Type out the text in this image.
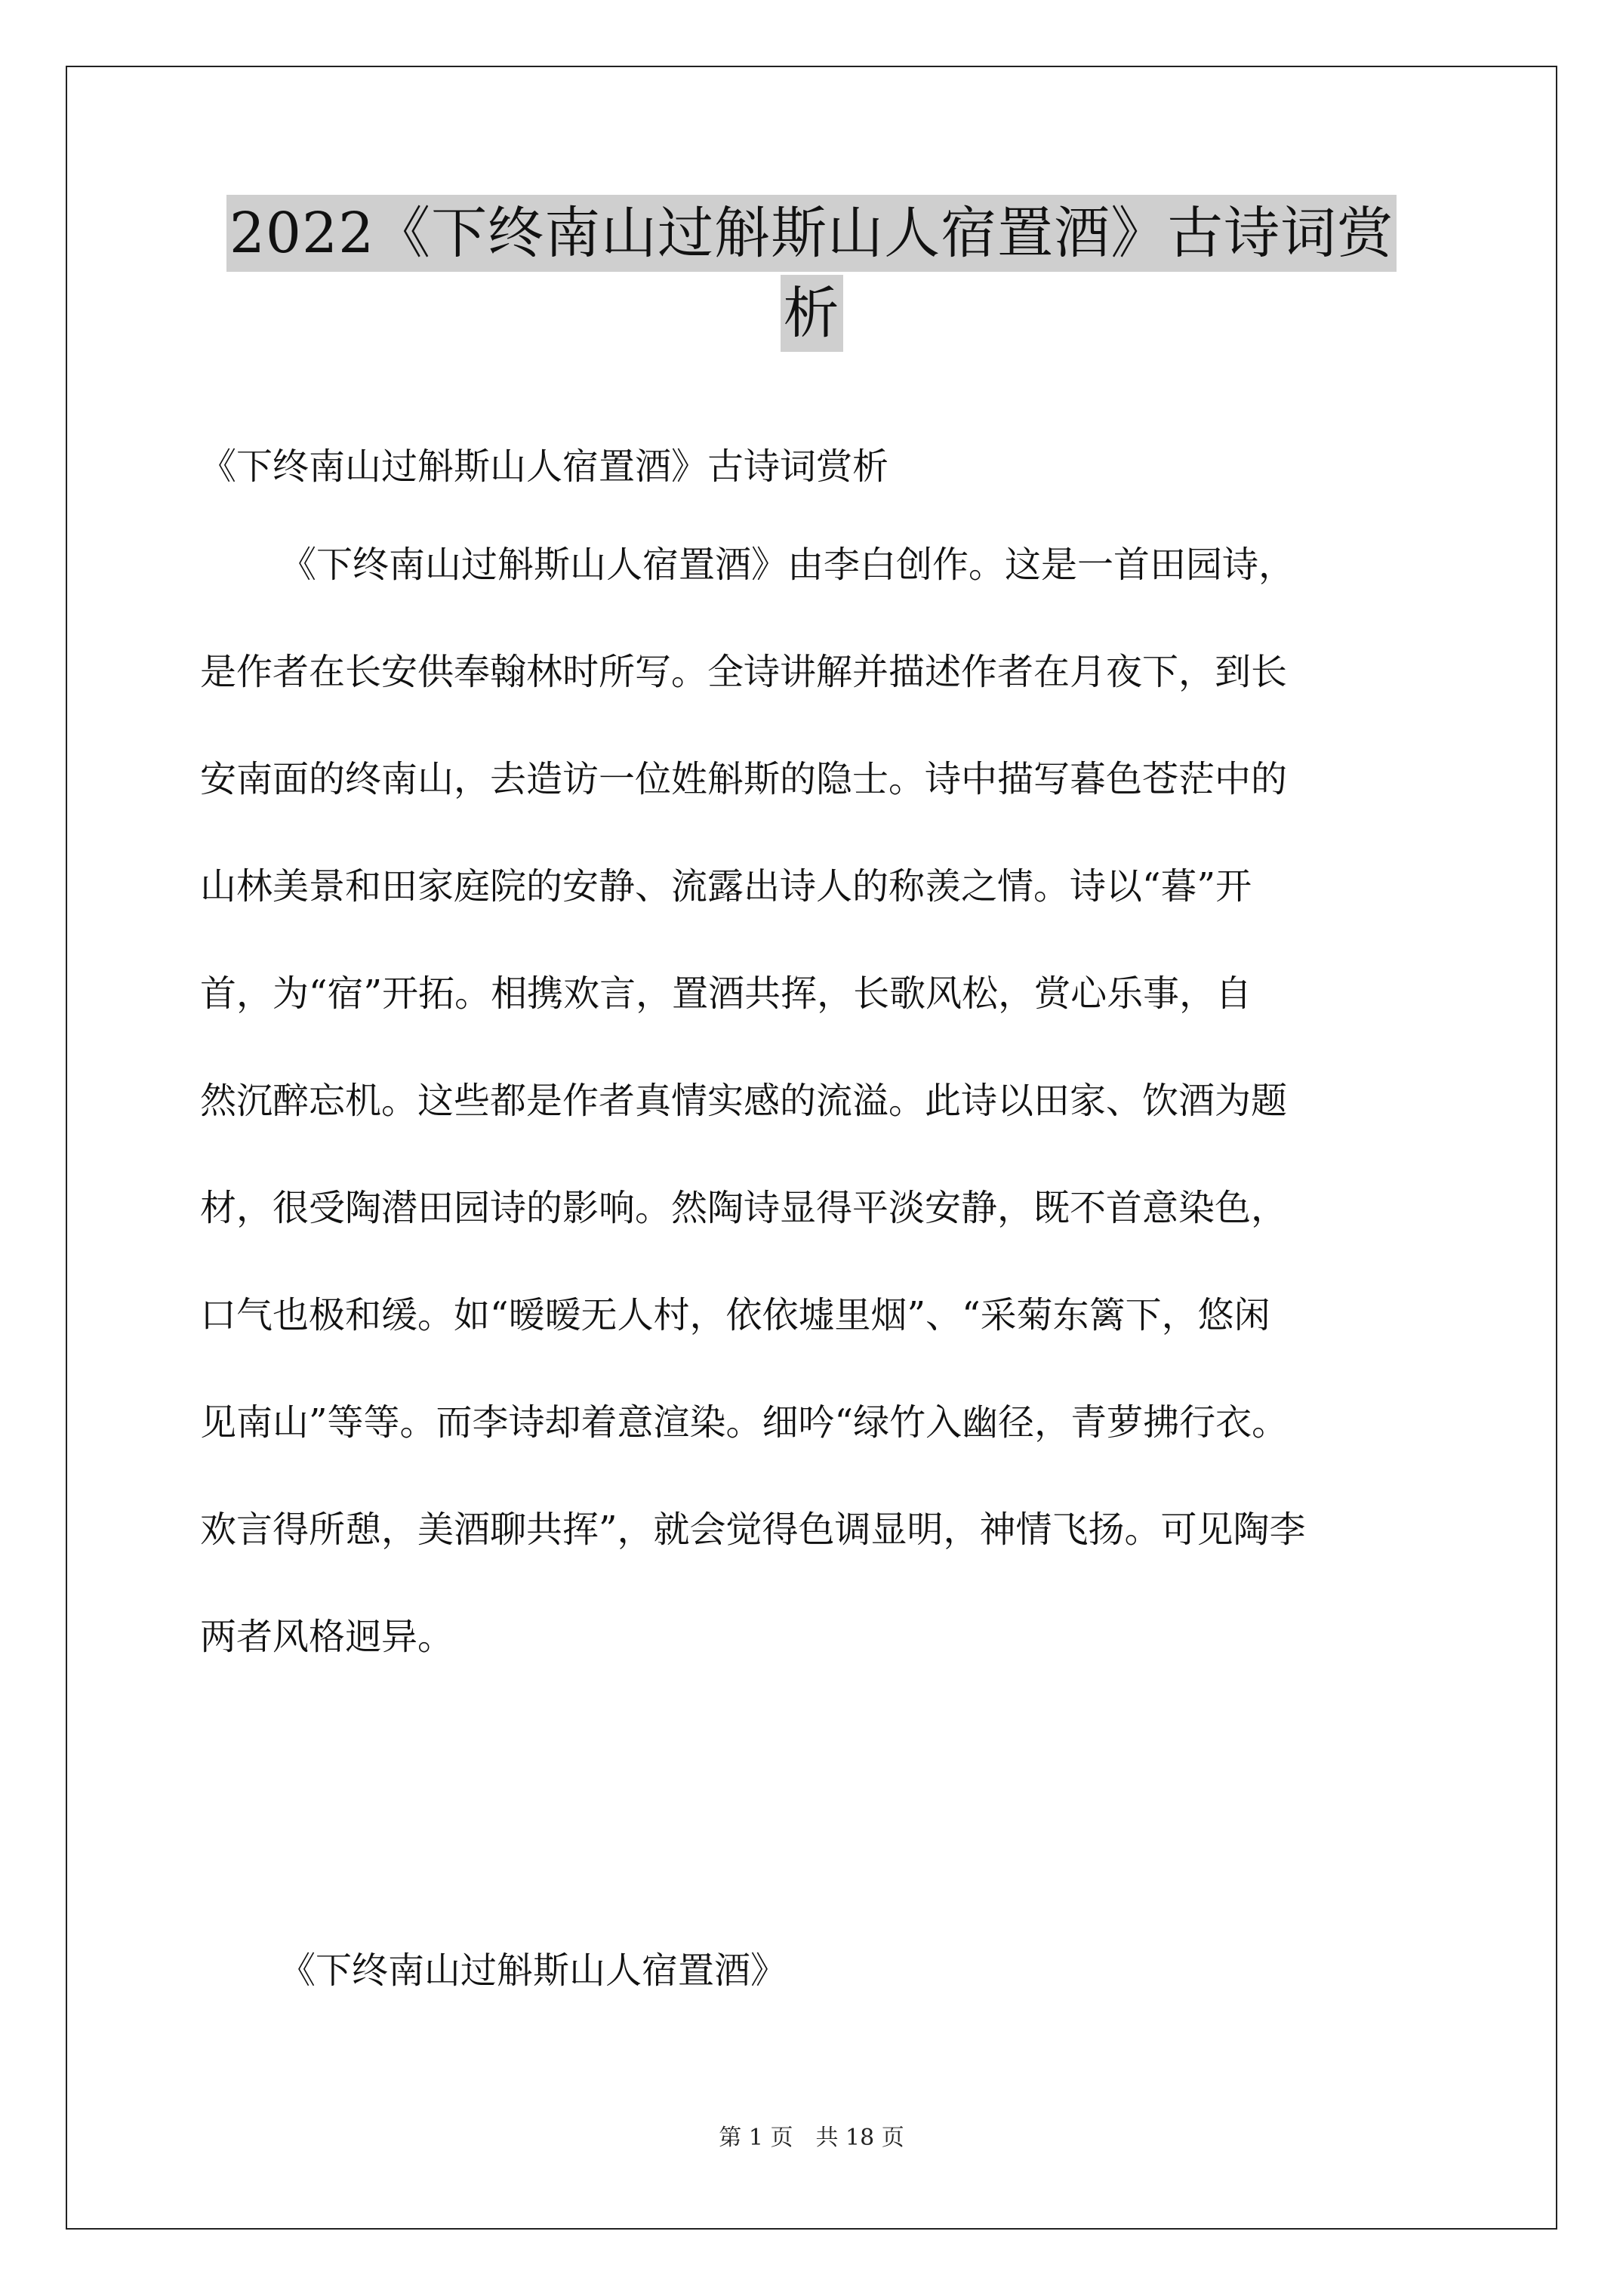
2022《下终南山过斛斯山人宿置酒》古诗词赏
析
《下终南山过斛斯山人宿置酒》古诗词赏析
《下终南山过斛斯山人宿置酒》由李白创作。这是一首田园诗，
是作者在长安供奉翰林时所写。全诗讲解并描述作者在月夜下，到长
安南面的终南山，去造访一位姓斛斯的隐士。诗中描写暮色苍茫中的
山林美景和田家庭院的安静、流露出诗人的称羡之情。诗以“暮”开
首，为“宿”开拓。相携欢言，置酒共挥，长歌风松，赏心乐事，自
然沉醉忘机。这些都是作者真情实感的流溢。此诗以田家、饮酒为题
材，很受陶潜田园诗的影响。然陶诗显得平淡安静，既不首意染色，
口气也极和缓。如“暧暧无人村，依依墟里烟”、“采菊东篱下，悠闲
见南山”等等。而李诗却着意渲染。细吟“绿竹入幽径，青萝拂行衣。
欢言得所憩，美酒聊共挥”，就会觉得色调显明，神情飞扬。可见陶李
两者风格迥异。
《下终南山过斛斯山人宿置酒》
第 1 页　共 18 页
